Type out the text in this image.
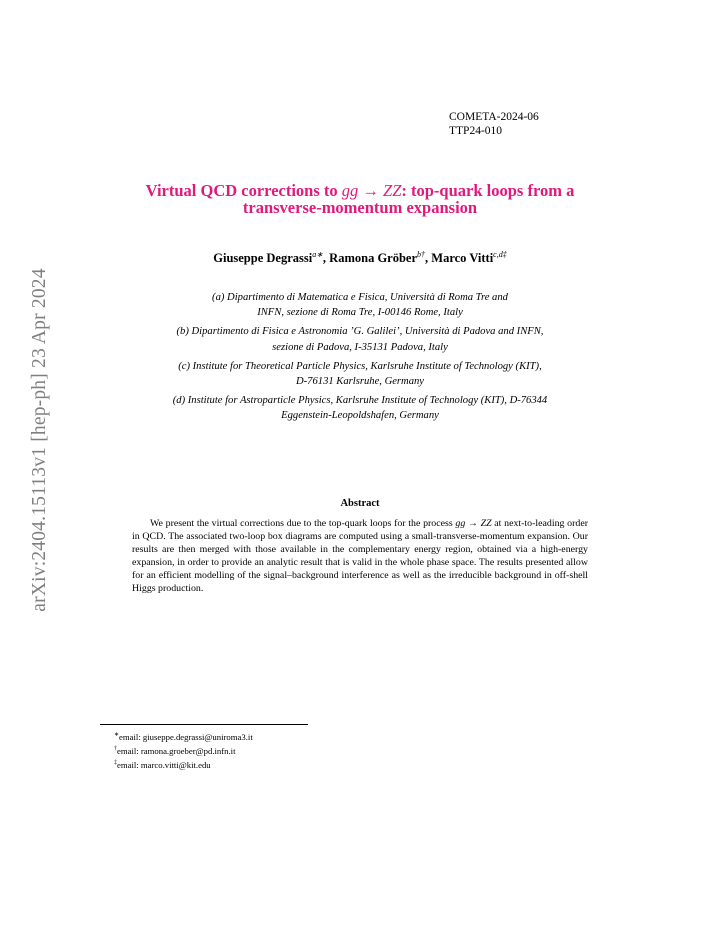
arXiv:2404.15113v1 [hep-ph] 23 Apr 2024
COMETA-2024-06
TTP24-010
Virtual QCD corrections to gg → ZZ: top-quark loops from a
transverse-momentum expansion
Giuseppe Degrassi$^{a∗}$, Ramona Gröber$^{b\dagger}$, Marco Vitti$^{c,d\ddagger}$
(a) Dipartimento di Matematica e Fisica, Università di Roma Tre and
INFN, sezione di Roma Tre, I-00146 Rome, Italy
(b) Dipartimento di Fisica e Astronomia ’G. Galilei’, Università di Padova and INFN,
sezione di Padova, I-35131 Padova, Italy
(c) Institute for Theoretical Particle Physics, Karlsruhe Institute of Technology (KIT),
D-76131 Karlsruhe, Germany
(d) Institute for Astroparticle Physics, Karlsruhe Institute of Technology (KIT), D-76344
Eggenstein-Leopoldshafen, Germany
Abstract
We present the virtual corrections due to the top-quark loops for the process gg → ZZ at next-to-leading order in QCD. The associated two-loop box diagrams are computed using a small-transverse-momentum expansion. Our results are then merged with those available in the complementary energy region, obtained via a high-energy expansion, in order to provide an analytic result that is valid in the whole phase space. The results presented allow for an efficient modelling of the signal–background interference as well as the irreducible background in off-shell Higgs production.
∗email: giuseppe.degrassi@uniroma3.it
†email: ramona.groeber@pd.infn.it
‡email: marco.vitti@kit.edu
